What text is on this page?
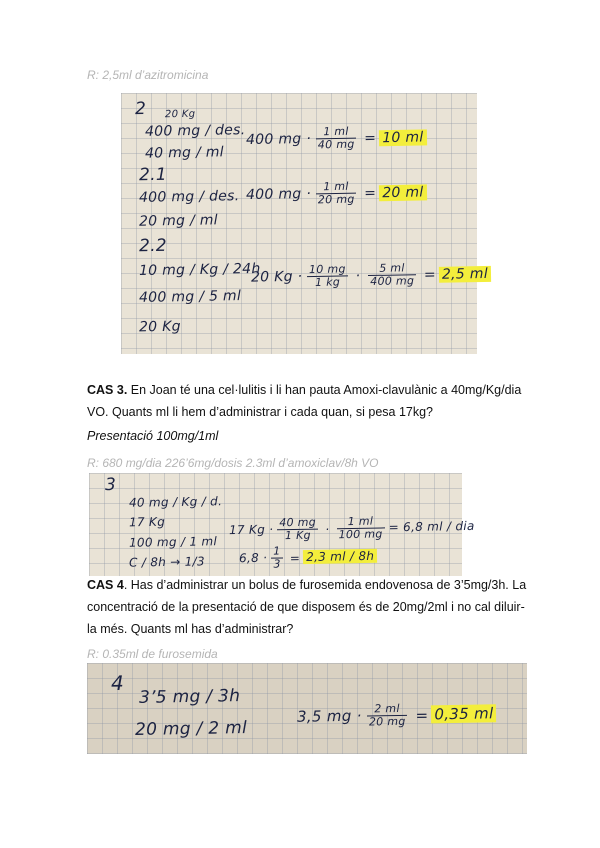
R: 2,5ml d’azitromicina
2 20 Kg
400 mg / des.
40 mg / ml
400 mg · $\frac{1 ml}{40 mg} = 10$ ml
2.1
400 mg / des.
20 mg / ml
400 mg · $\frac{1 ml}{20 mg} = 20$ ml
2.2
10 mg / Kg / 24h
400 mg / 5 ml
20 Kg
20 $Kg \cdot \frac{10 mg}{1 kg} \cdot \frac{5 ml}{400 mg} = 2,5$ ml
CAS 3. En Joan té una cel·lulitis i li han pauta Amoxi-clavulànic a 40mg/Kg/dia VO. Quants ml li hem d’administrar i cada quan, si pesa 17kg?
Presentació 100mg/1ml
R: 680 mg/dia 226’6mg/dosis 2.3ml d’amoxiclav/8h VO
3
40 mg / Kg / d.
17 Kg
100 mg / 1 ml
C / 8h → 1/3
17 $Kg \cdot \frac{40 mg}{1 Kg} \cdot \frac{1 ml}{100 mg} = 6,8$ ml / dia
$6,8 \cdot \frac{1}{3} = 2,3$ ml / 8h
CAS 4. Has d’administrar un bolus de furosemida endovenosa de 3’5mg/3h. La concentració de la presentació de que disposem és de 20mg/2ml i no cal diluir-la més. Quants ml has d’administrar?
R: 0.35ml de furosemida
4
3’5 mg / 3h
20 mg / 2 ml
3,5 mg · $\frac{2 ml}{20 mg} = 0,35$ ml
